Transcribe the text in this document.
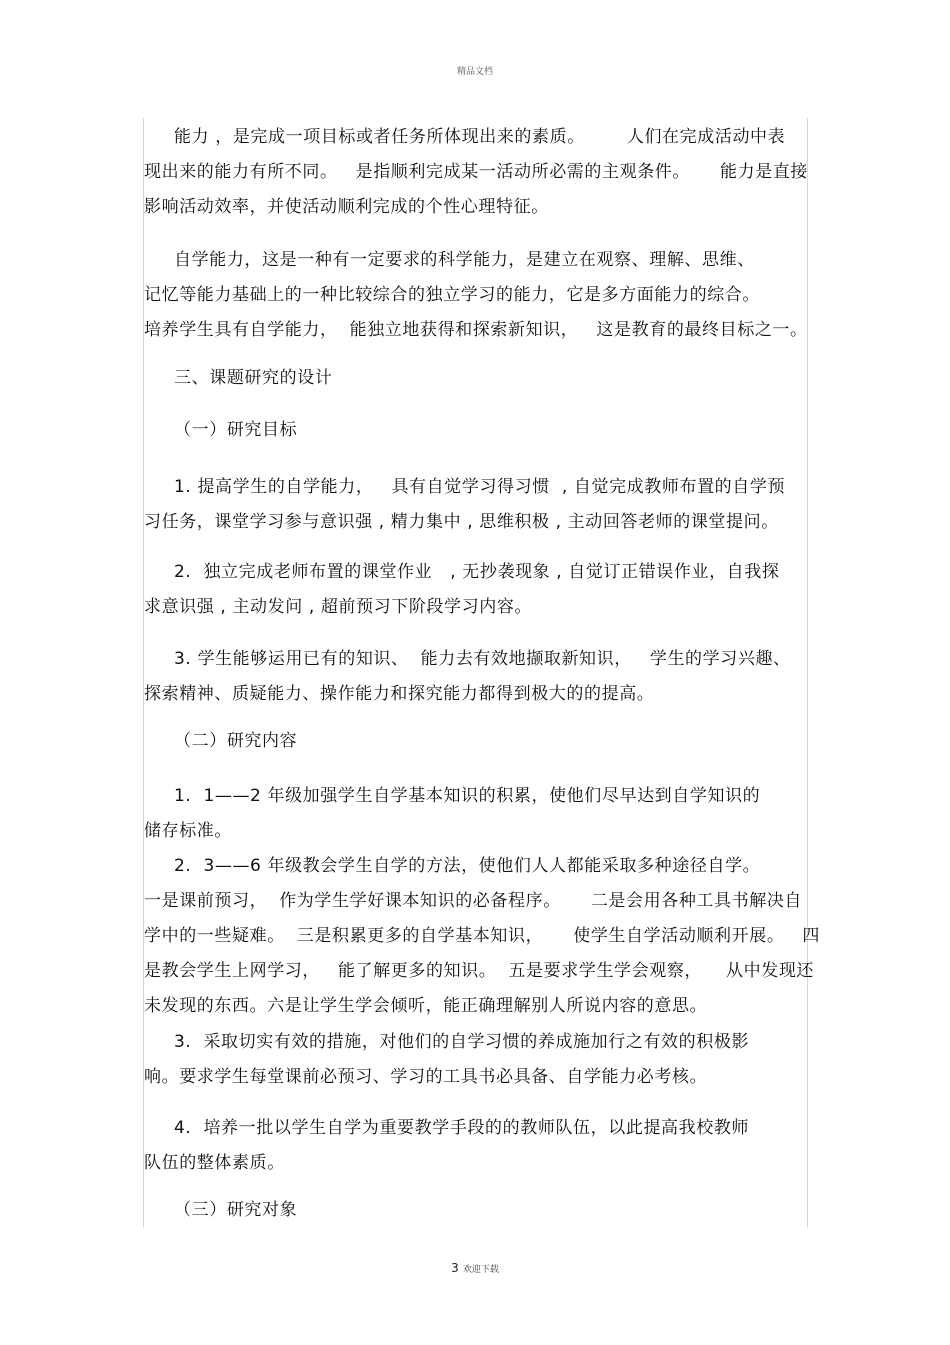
精品文档
能力 ，是完成一项目标或者任务所体现出来的素质。       人们在完成活动中表
现出来的能力有所不同。   是指顺利完成某一活动所必需的主观条件。     能力是直接
影响活动效率，并使活动顺利完成的个性心理特征。
自学能力，这是一种有一定要求的科学能力，是建立在观察、理解、思维、
记忆等能力基础上的一种比较综合的独立学习的能力，它是多方面能力的综合。
培养学生具有自学能力，  能独立地获得和探索新知识，   这是教育的最终目标之一。
三、课题研究的设计
（一）研究目标
1. 提高学生的自学能力，   具有自觉学习得习惯  , 自觉完成教师布置的自学预
习任务，课堂学习参与意识强 , 精力集中 , 思维积极 , 主动回答老师的课堂提问。
2.  独立完成老师布置的课堂作业   , 无抄袭现象 , 自觉订正错误作业，自我探
求意识强 , 主动发问 , 超前预习下阶段学习内容。
3. 学生能够运用已有的知识、  能力去有效地撷取新知识，   学生的学习兴趣、
探索精神、质疑能力、操作能力和探究能力都得到极大的的提高。
（二）研究内容
1.  1——2 年级加强学生自学基本知识的积累，使他们尽早达到自学知识的
储存标准。
2.  3——6 年级教会学生自学的方法，使他们人人都能采取多种途径自学。
一是课前预习，  作为学生学好课本知识的必备程序。     二是会用各种工具书解决自
学中的一些疑难。  三是积累更多的自学基本知识，     使学生自学活动顺利开展。   四
是教会学生上网学习，   能了解更多的知识。  五是要求学生学会观察，    从中发现还
未发现的东西。六是让学生学会倾听，能正确理解别人所说内容的意思。
3.  采取切实有效的措施，对他们的自学习惯的养成施加行之有效的积极影
响。要求学生每堂课前必预习、学习的工具书必具备、自学能力必考核。
4.  培养一批以学生自学为重要教学手段的的教师队伍，以此提高我校教师
队伍的整体素质。
（三）研究对象
3 欢迎下载
